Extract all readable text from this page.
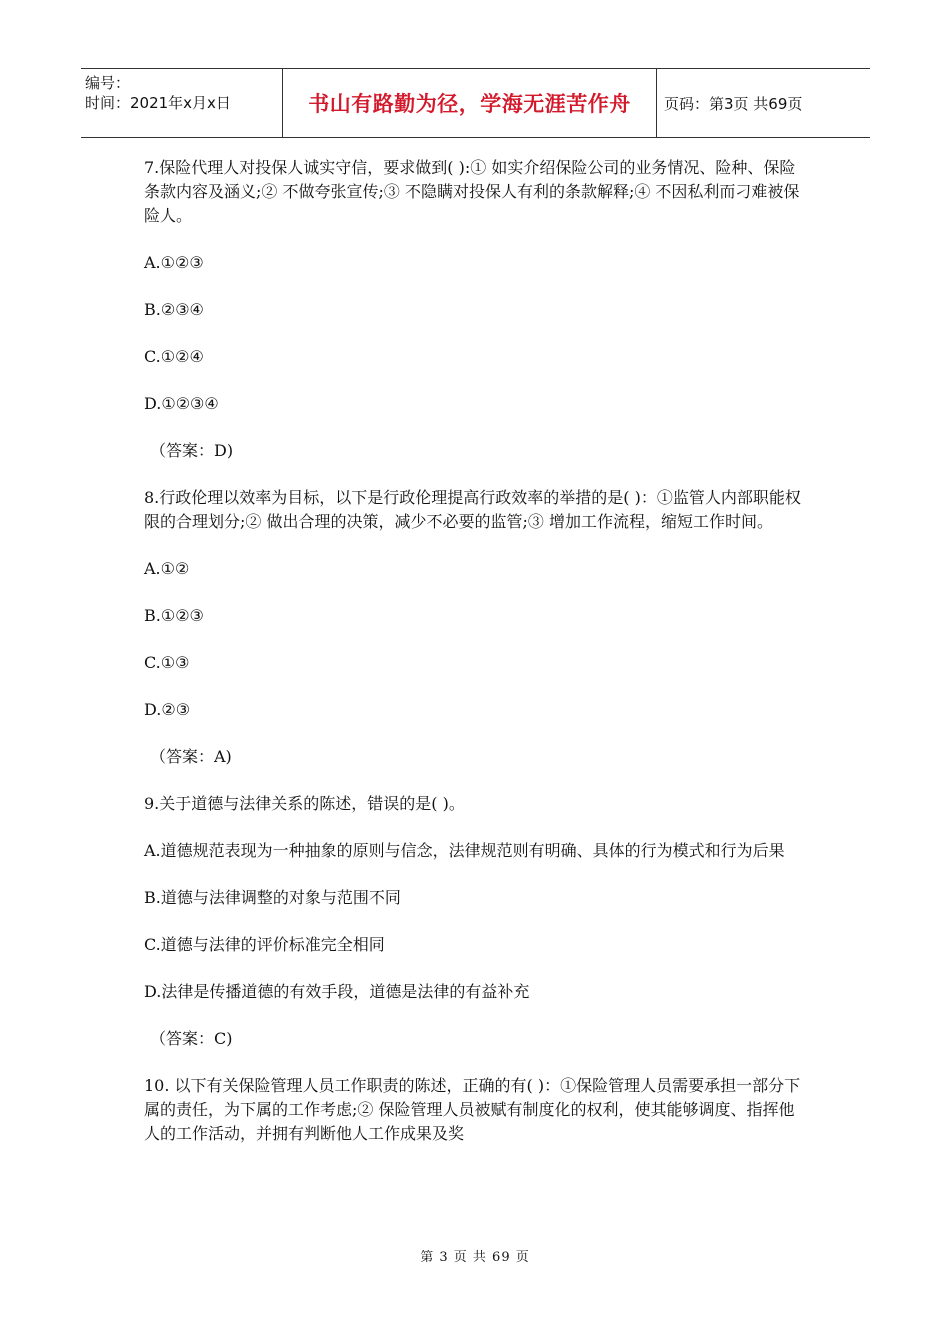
编号：
时间：2021年x月x日	书山有路勤为径，学海无涯苦作舟 页码：第3页 共69页

7.保险代理人对投保人诚实守信，要求做到( ):① 如实介绍保险公司的业务情况、险种、保险条款内容及涵义;② 不做夸张宣传;③ 不隐瞒对投保人有利的条款解释;④ 不因私利而刁难被保险人。

A.①②③

B.②③④

C.①②④

D.①②③④

（答案：D)

8.行政伦理以效率为目标，以下是行政伦理提高行政效率的举措的是( )：①监管人内部职能权限的合理划分;② 做出合理的决策，减少不必要的监管;③ 增加工作流程，缩短工作时间。

A.①②

B.①②③

C.①③

D.②③

（答案：A)

9.关于道德与法律关系的陈述，错误的是( )。

A.道德规范表现为一种抽象的原则与信念，法律规范则有明确、具体的行为模式和行为后果

B.道德与法律调整的对象与范围不同

C.道德与法律的评价标准完全相同

D.法律是传播道德的有效手段，道德是法律的有益补充

（答案：C)

10. 以下有关保险管理人员工作职责的陈述，正确的有( )：①保险管理人员需要承担一部分下属的责任，为下属的工作考虑;② 保险管理人员被赋有制度化的权利，使其能够调度、指挥他人的工作活动，并拥有判断他人工作成果及奖

第 3 页 共 69 页
